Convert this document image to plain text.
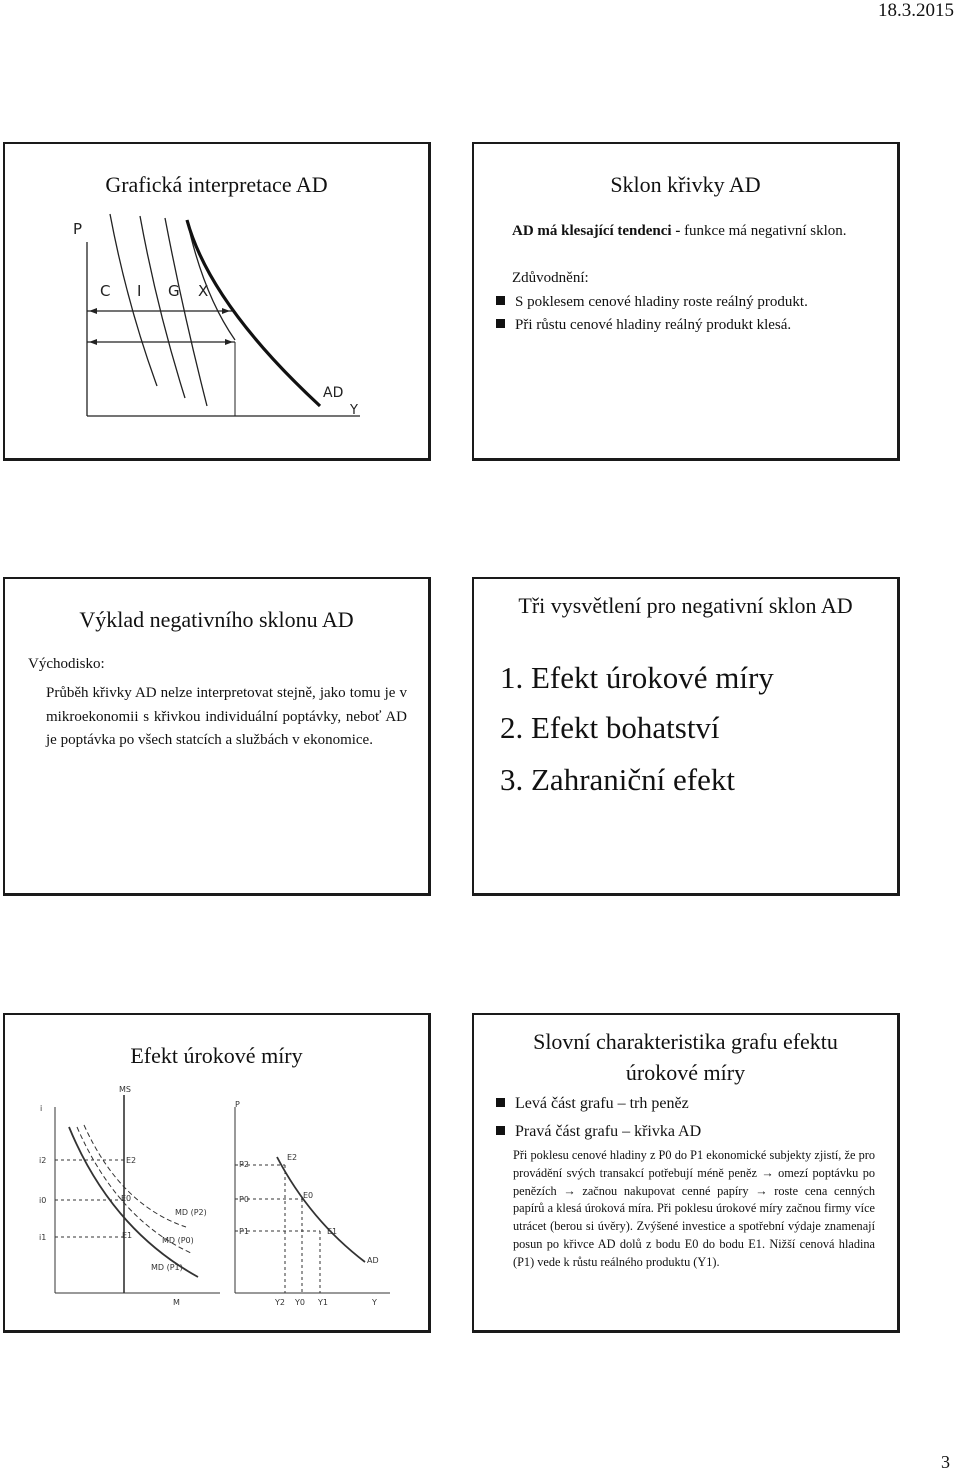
18.3.2015
Grafická interpretace AD
P
C I G X
AD
Y
Sklon křivky AD
AD má klesající tendenci - funkce má negativní sklon.
Zdůvodnění:
S poklesem cenové hladiny roste reálný produkt.
Při růstu cenové hladiny reálný produkt klesá.
Výklad negativního sklonu AD
Východisko:
Průběh křivky AD nelze interpretovat stejně, jako tomu je v mikroekonomii s křivkou individuální poptávky, neboť AD je poptávka po všech statcích a službách v ekonomice.
Tři vysvětlení pro negativní sklon AD
1. Efekt úrokové míry
2. Efekt bohatství
3. Zahraniční efekt
Efekt úrokové míry
i
MS
M
i2
i0
i1
E2
E0
E1
MD (P2)
MD (P0)
MD (P1)
P
Y
P2
P0
P1
E2
E0
E1
AD
Y2 Y0 Y1
Slovní charakteristika grafu efektu úrokové míry
Levá část grafu – trh peněz
Pravá část grafu – křivka AD
Při poklesu cenové hladiny z P0 do P1 ekonomické subjekty zjistí, že pro provádění svých transakcí potřebují méně peněz → omezí poptávku po penězích → začnou nakupovat cenné papíry → roste cena cenných papírů a klesá úroková míra. Při poklesu úrokové míry začnou firmy více utrácet (berou si úvěry). Zvýšené investice a spotřební výdaje znamenají posun po křivce AD dolů z bodu E0 do bodu E1. Nižší cenová hladina (P1) vede k růstu reálného produktu (Y1).
3
